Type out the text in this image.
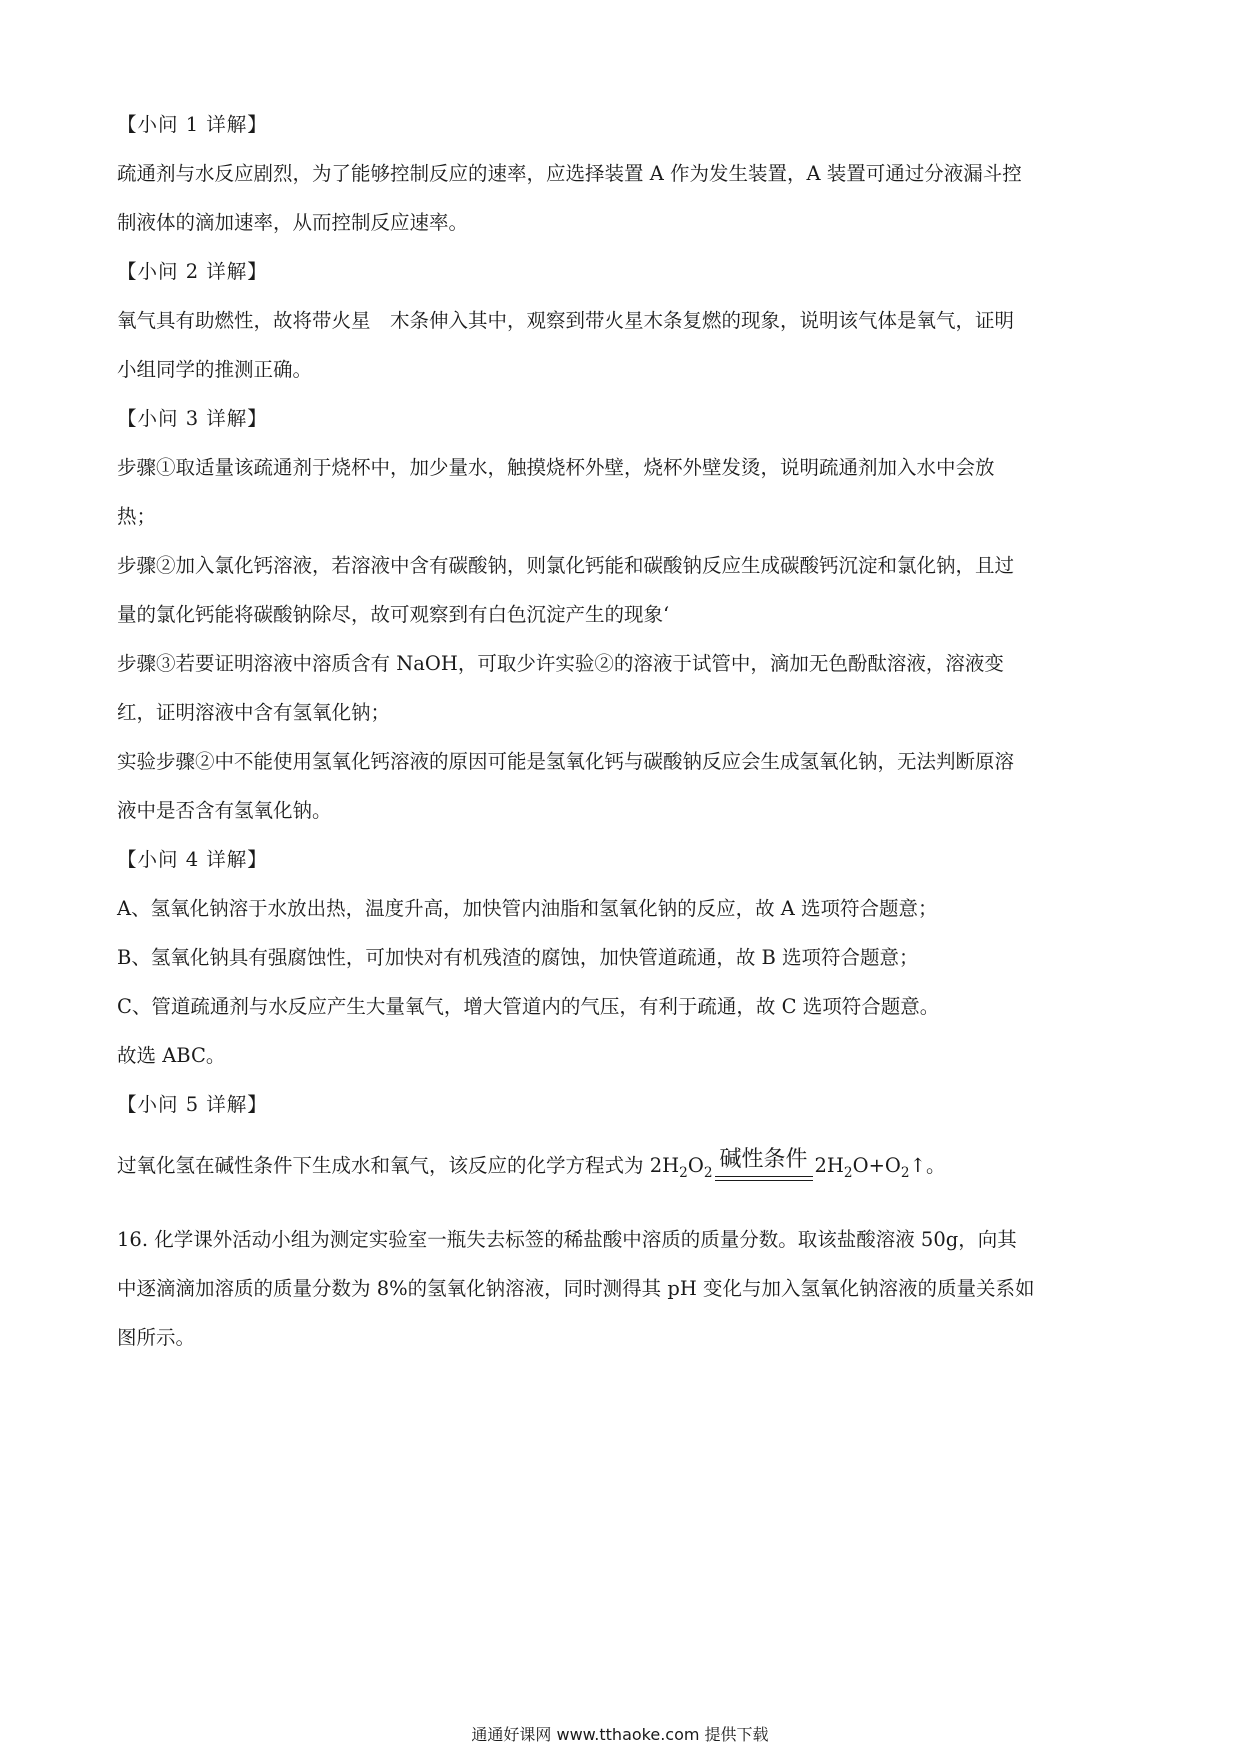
【小问 1 详解】
疏通剂与水反应剧烈，为了能够控制反应的速率，应选择装置 A 作为发生装置，A 装置可通过分液漏斗控
制液体的滴加速率，从而控制反应速率。
【小问 2 详解】
氧气具有助燃性，故将带火星　木条伸入其中，观察到带火星木条复燃的现象，说明该气体是氧气，证明
小组同学的推测正确。
【小问 3 详解】
步骤①取适量该疏通剂于烧杯中，加少量水，触摸烧杯外壁，烧杯外壁发烫，说明疏通剂加入水中会放
热；
步骤②加入氯化钙溶液，若溶液中含有碳酸钠，则氯化钙能和碳酸钠反应生成碳酸钙沉淀和氯化钠，且过
量的氯化钙能将碳酸钠除尽，故可观察到有白色沉淀产生的现象‘
步骤③若要证明溶液中溶质含有 NaOH，可取少许实验②的溶液于试管中，滴加无色酚酞溶液，溶液变
红，证明溶液中含有氢氧化钠；
实验步骤②中不能使用氢氧化钙溶液的原因可能是氢氧化钙与碳酸钠反应会生成氢氧化钠，无法判断原溶
液中是否含有氢氧化钠。
【小问 4 详解】
A、氢氧化钠溶于水放出热，温度升高，加快管内油脂和氢氧化钠的反应，故 A 选项符合题意；
B、氢氧化钠具有强腐蚀性，可加快对有机残渣的腐蚀，加快管道疏通，故 B 选项符合题意；
C、管道疏通剂与水反应产生大量氧气，增大管道内的气压，有利于疏通，故 C 选项符合题意。
故选 ABC。
【小问 5 详解】
过氧化氢在碱性条件下生成水和氧气，该反应的化学方程式为 $2H_2O_2$
碱性条件 $2H_2O+O_2↑$。
16. 化学课外活动小组为测定实验室一瓶失去标签的稀盐酸中溶质的质量分数。取该盐酸溶液 50g，向其
中逐滴滴加溶质的质量分数为 8%的氢氧化钠溶液，同时测得其 pH 变化与加入氢氧化钠溶液的质量关系如
图所示。
通通好课网 www.tthaoke.com 提供下载
